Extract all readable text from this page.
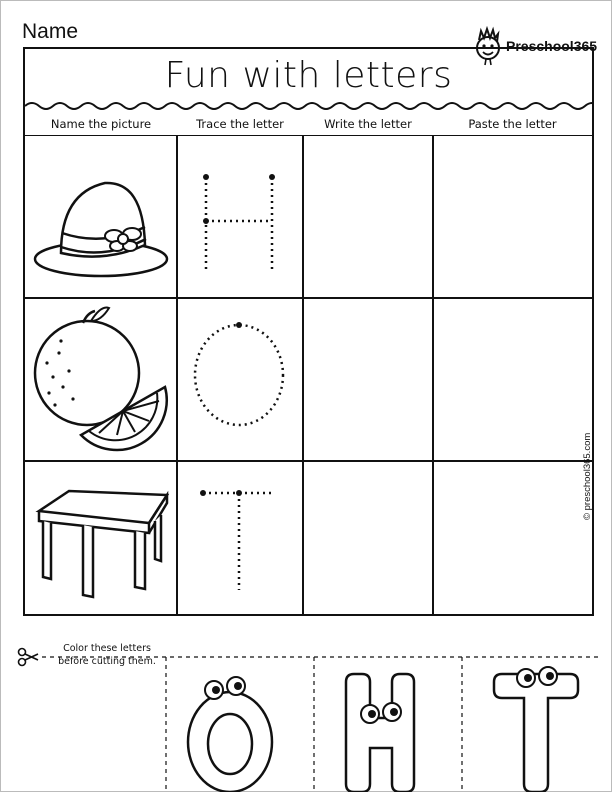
Name
Preschool365
Fun with letters
Name the picture	Trace the letter	Write the letter	Paste the letter
© preschool365.com
Color these letters before cutting them.
